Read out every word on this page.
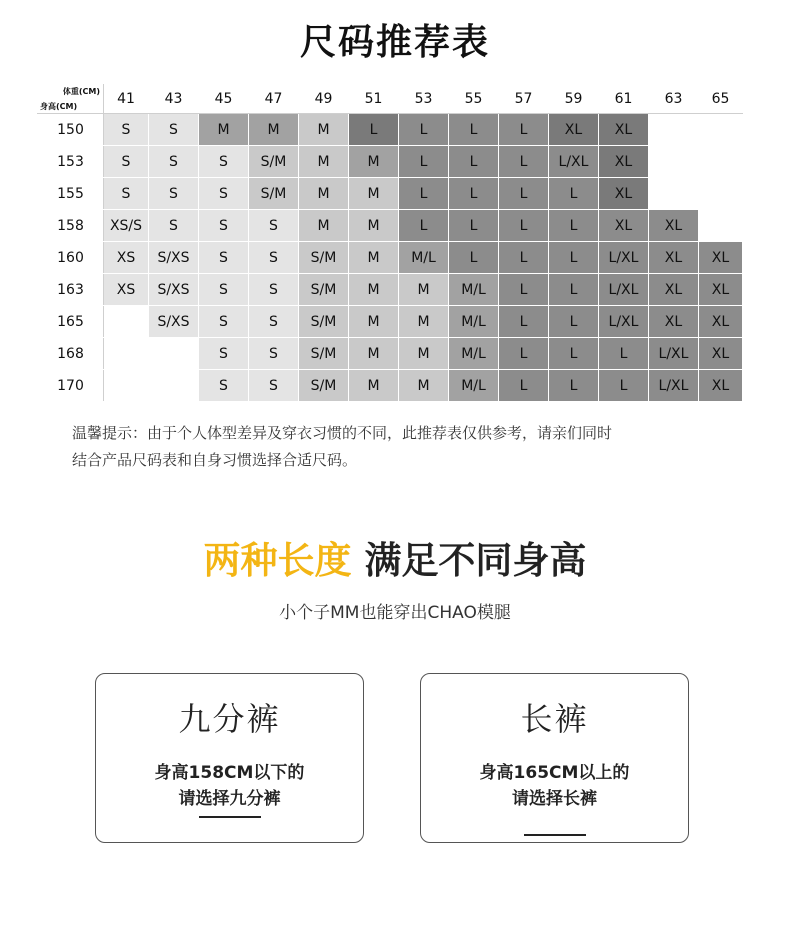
尺码推荐表
体重(CM)
身高(CM)	41	43	45	47	49	51	53	55	57	59	61	63	65
150	S	S	M	M	M	L	L	L	L	XL	XL		
153	S	S	S	S/M	M	M	L	L	L	L/XL	XL		
155	S	S	S	S/M	M	M	L	L	L	L	XL		
158	XS/S	S	S	S	M	M	L	L	L	L	XL	XL	
160	XS	S/XS	S	S	S/M	M	M/L	L	L	L	L/XL	XL	XL
163	XS	S/XS	S	S	S/M	M	M	M/L	L	L	L/XL	XL	XL
165		S/XS	S	S	S/M	M	M	M/L	L	L	L/XL	XL	XL
168			S	S	S/M	M	M	M/L	L	L	L	L/XL	XL
170			S	S	S/M	M	M	M/L	L	L	L	L/XL	XL
温馨提示：由于个人体型差异及穿衣习惯的不同，此推荐表仅供参考，请亲们同时
结合产品尺码表和自身习惯选择合适尺码。
两种长度 满足不同身高
小个子MM也能穿出CHAO模腿
九分裤
身高158CM以下的
请选择九分裤
长裤
身高165CM以上的
请选择长裤
